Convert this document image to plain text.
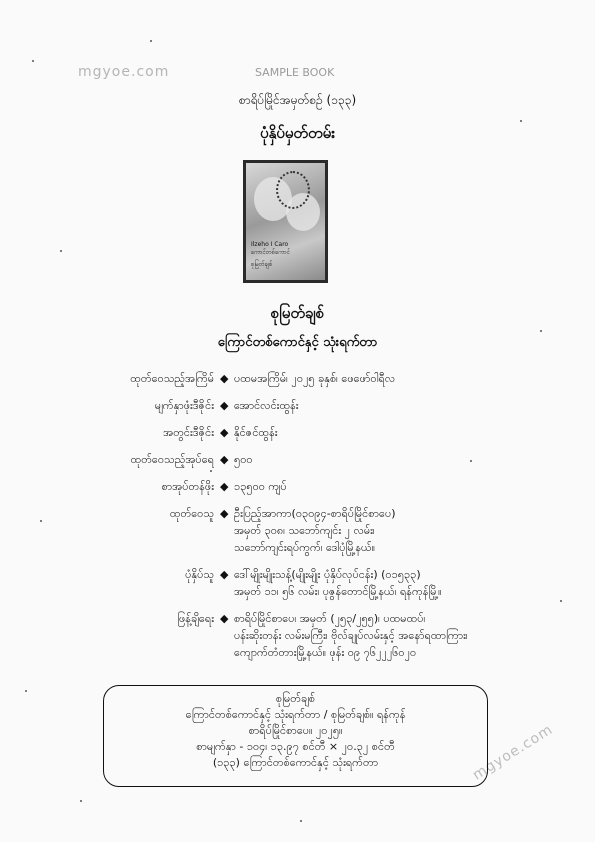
mgyoe.com	SAMPLE BOOK
mgyoe.com
စာရိပ်မြိုင်အမှတ်စဉ် (၁၃၃)
ပုံနှိပ်မှတ်တမ်း
Ilzeho I Caro
ကောင်တစ်ကောင်
စုမြတ်ချစ်
စုမြတ်ချစ်
ကြောင်တစ်ကောင်နှင့် သုံးရက်တာ
ထုတ်ဝေသည့်အကြိမ် ◆ ပထမအကြိမ်၊ ၂၀၂၅ ခုနှစ်၊ ဖေဖော်ဝါရီလ
မျက်နှာဖုံးဒီဇိုင်း ◆ အောင်လင်းထွန်း
အတွင်းဒီဇိုင်း ◆ နိုင်ဇင်ထွန်း
ထုတ်ဝေသည့်အုပ်ရေ ◆ ၅၀၀
စာအုပ်တန်ဖိုး ◆ ၁၃၅၀၀ ကျပ်
ထုတ်ဝေသူ ◆ ဦးပြည့်အာကာ(၀၃၀၉၄-စာရိပ်မြိုင်စာပေ)
အမှတ် ၃၀၈၊ သဘော်ကျင်း ၂ လမ်း၊
သဘော်ကျင်းရပ်ကွက်၊ ဒေါပုံမြို့နယ်။
ပုံနှိပ်သူ ◆ ဒေါ်မျိုးမျိုးသန့်(မျိုးမျိုး ပုံနှိပ်လုပ်ငန်း) (၀၁၅၃၃)
အမှတ် ၁၁၊ ၅၆ လမ်း၊ ပုဇွန်တောင်မြို့နယ်၊ ရန်ကုန်မြို့။
ဖြန့်ချိရေး ◆ စာရိပ်မြိုင်စာပေ၊ အမှတ် (၂၅၃/၂၅၅)၊ ပထမထပ်၊
ပန်းဆိုးတန်း လမ်းမကြီး၊ ဗိုလ်ချုပ်လမ်းနှင့် အနော်ရထာကြား၊
ကျောက်တံတားမြို့နယ်။ ဖုန်း ၀၉ ၇၆၂၂၂၆၀၂၀
စုမြတ်ချစ်
ကြောင်တစ်ကောင်နှင့် သုံးရက်တာ / စုမြတ်ချစ်။ ရန်ကုန်
စာရိပ်မြိုင်စာပေ။ ၂၀၂၅။
စာမျက်နှာ - ၁၀၄၊ ၁၃.၉၇ စင်တီ × ၂၀.၃၂ စင်တီ
(၁၃၃) ကြောင်တစ်ကောင်နှင့် သုံးရက်တာ
